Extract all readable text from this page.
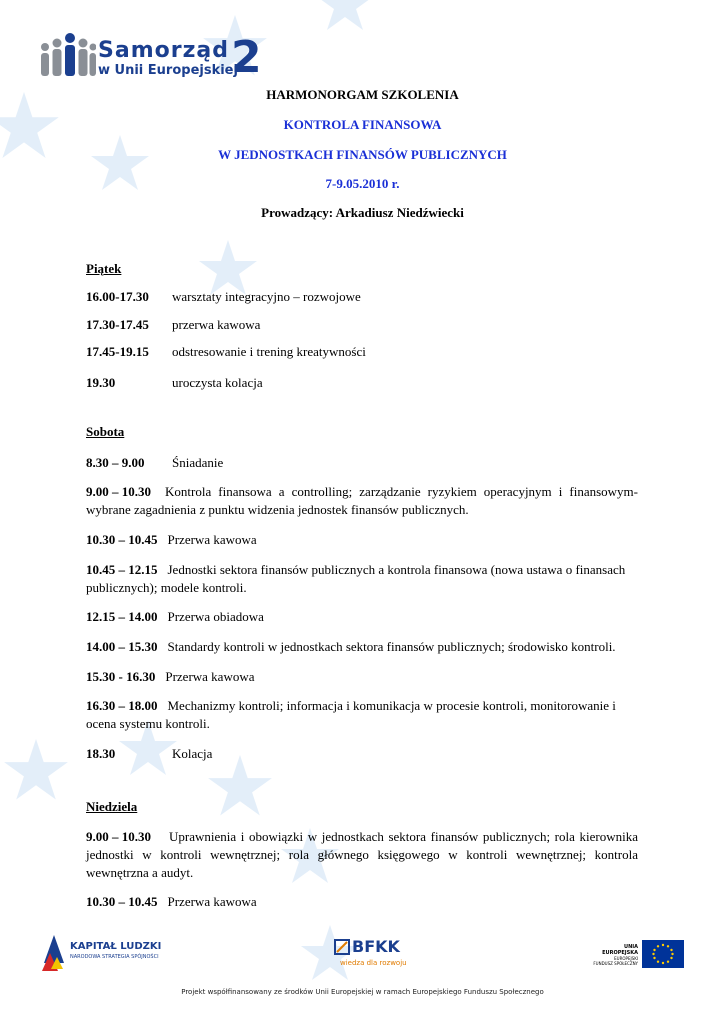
Samorząd
w Unii Europejskiej
2
HARMONORGAM SZKOLENIA
KONTROLA FINANSOWA
W JEDNOSTKACH FINANSÓW PUBLICZNYCH
7-9.05.2010 r.
Prowadzący: Arkadiusz Niedźwiecki
Piątek
16.00-17.30 warsztaty integracyjno – rozwojowe
17.30-17.45 przerwa kawowa
17.45-19.15 odstresowanie i trening kreatywności
19.30	uroczysta kolacja
Sobota
8.30 – 9.00 Śniadanie
9.00 – 10.30 Kontrola finansowa a controlling; zarządzanie ryzykiem operacyjnym i finansowym- wybrane zagadnienia z punktu widzenia jednostek finansów publicznych.
10.30 – 10.45 Przerwa kawowa
10.45 – 12.15 Jednostki sektora finansów publicznych a kontrola finansowa (nowa ustawa o finansach publicznych); modele kontroli.
12.15 – 14.00 Przerwa obiadowa
14.00 – 15.30 Standardy kontroli w jednostkach sektora finansów publicznych; środowisko kontroli.
15.30 - 16.30 Przerwa kawowa
16.30 – 18.00 Mechanizmy kontroli; informacja i komunikacja w procesie kontroli, monitorowanie i ocena systemu kontroli.
18.30	Kolacja
Niedziela
9.00 – 10.30 Uprawnienia i obowiązki w jednostkach sektora finansów publicznych; rola kierownika jednostki w kontroli wewnętrznej; rola głównego księgowego w kontroli wewnętrznej; kontrola wewnętrzna a audyt.
10.30 – 10.45 Przerwa kawowa
KAPITAŁ LUDZKI
NARODOWA STRATEGIA SPÓJNOŚCI
BFKK
wiedza dla rozwoju
UNIA EUROPEJSKA
EUROPEJSKI
FUNDUSZ SPOŁECZNY
Projekt współfinansowany ze środków Unii Europejskiej w ramach Europejskiego Funduszu Społecznego
